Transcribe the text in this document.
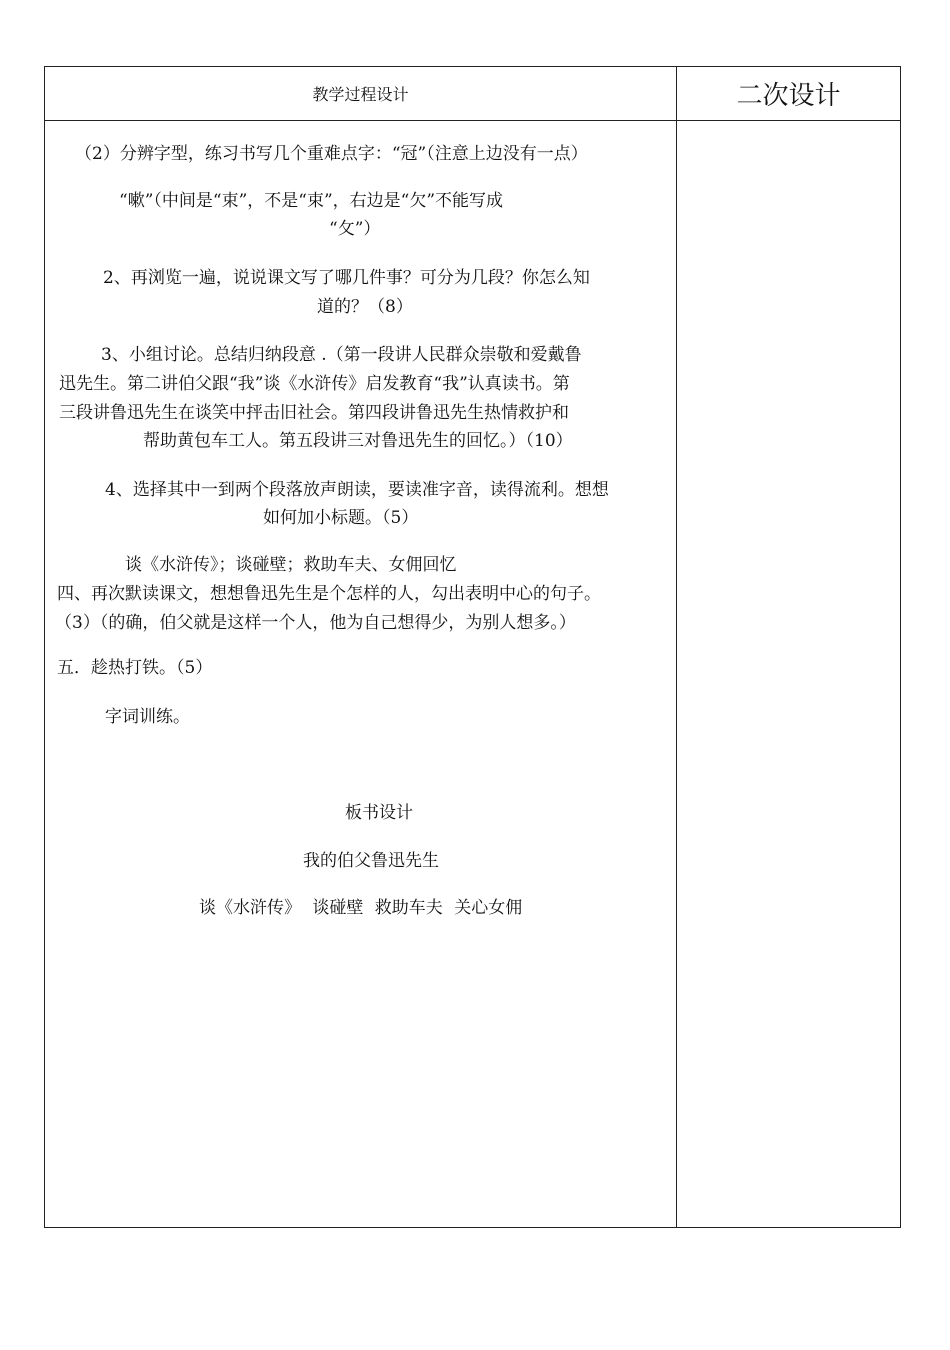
教学过程设计	二次设计
（2）分辨字型，练习书写几个重难点字：“冠”（注意上边没有一点）
“嗽”（中间是“束”，不是“束”，右边是“欠”不能写成
“攵”）
2、再浏览一遍，说说课文写了哪几件事？可分为几段？你怎么知
道的？（8）
3、小组讨论。总结归纳段意 .（第一段讲人民群众崇敬和爱戴鲁
迅先生。第二讲伯父跟“我”谈《水浒传》启发教育“我”认真读书。第
三段讲鲁迅先生在谈笑中抨击旧社会。第四段讲鲁迅先生热情救护和
帮助黄包车工人。第五段讲三对鲁迅先生的回忆。）（10）
4、选择其中一到两个段落放声朗读，要读准字音，读得流利。想想
如何加小标题。（5）
谈《水浒传》；谈碰壁；救助车夫、女佣回忆
四、再次默读课文，想想鲁迅先生是个怎样的人，勾出表明中心的句子。
（3）（的确，伯父就是这样一个人，他为自己想得少，为别人想多。）
五．趁热打铁。（5）
字词训练。
板书设计
我的伯父鲁迅先生
谈《水浒传》 谈碰壁 救助车夫 关心女佣
